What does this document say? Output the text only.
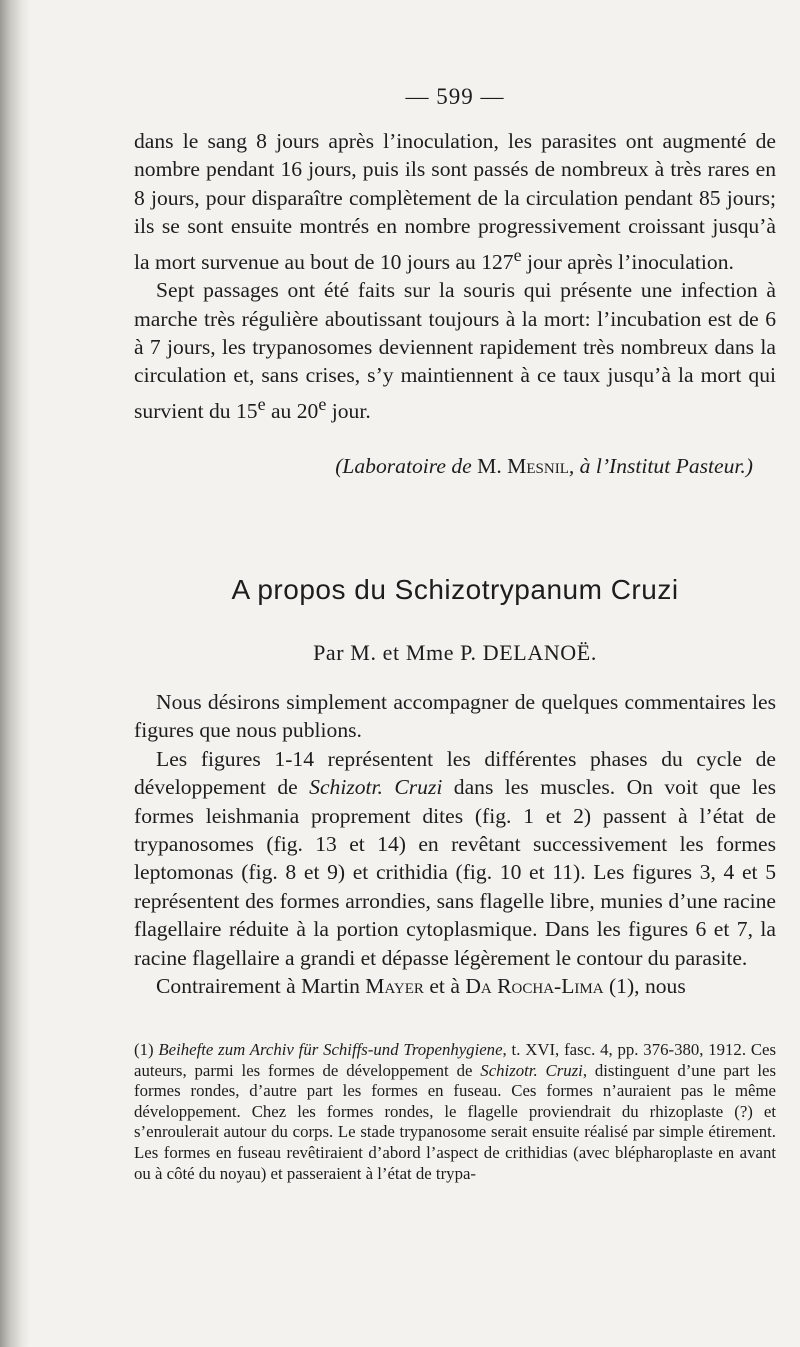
— 599 —

dans le sang 8 jours après l’inoculation, les parasites ont augmenté de nombre pendant 16 jours, puis ils sont passés de nombreux à très rares en 8 jours, pour disparaître complètement de la circulation pendant 85 jours; ils se sont ensuite montrés en nombre progressivement croissant jusqu’à la mort survenue au bout de 10 jours au 127e jour après l’inoculation.

Sept passages ont été faits sur la souris qui présente une infection à marche très régulière aboutissant toujours à la mort: l’incubation est de 6 à 7 jours, les trypanosomes deviennent rapidement très nombreux dans la circulation et, sans crises, s’y maintiennent à ce taux jusqu’à la mort qui survient du 15e au 20e jour.

(Laboratoire de M. Mesnil, à l’Institut Pasteur.)
A propos du Schizotrypanum Cruzi
Par M. et Mme P. DELANOË.

Nous désirons simplement accompagner de quelques commentaires les figures que nous publions.

Les figures 1-14 représentent les différentes phases du cycle de développement de Schizotr. Cruzi dans les muscles. On voit que les formes leishmania proprement dites (fig. 1 et 2) passent à l’état de trypanosomes (fig. 13 et 14) en revêtant successivement les formes leptomonas (fig. 8 et 9) et crithidia (fig. 10 et 11). Les figures 3, 4 et 5 représentent des formes arrondies, sans flagelle libre, munies d’une racine flagellaire réduite à la portion cytoplasmique. Dans les figures 6 et 7, la racine flagellaire a grandi et dépasse légèrement le contour du parasite.

Contrairement à Martin Mayer et à Da Rocha-Lima (1), nous

(1) Beihefte zum Archiv für Schiffs-und Tropenhygiene, t. XVI, fasc. 4, pp. 376-380, 1912. Ces auteurs, parmi les formes de développement de Schizotr. Cruzi, distinguent d’une part les formes rondes, d’autre part les formes en fuseau. Ces formes n’auraient pas le même développement. Chez les formes rondes, le flagelle proviendrait du rhizoplaste (?) et s’enroulerait autour du corps. Le stade trypanosome serait ensuite réalisé par simple étirement. Les formes en fuseau revêtiraient d’abord l’aspect de crithidias (avec blépharoplaste en avant ou à côté du noyau) et passeraient à l’état de trypa-
